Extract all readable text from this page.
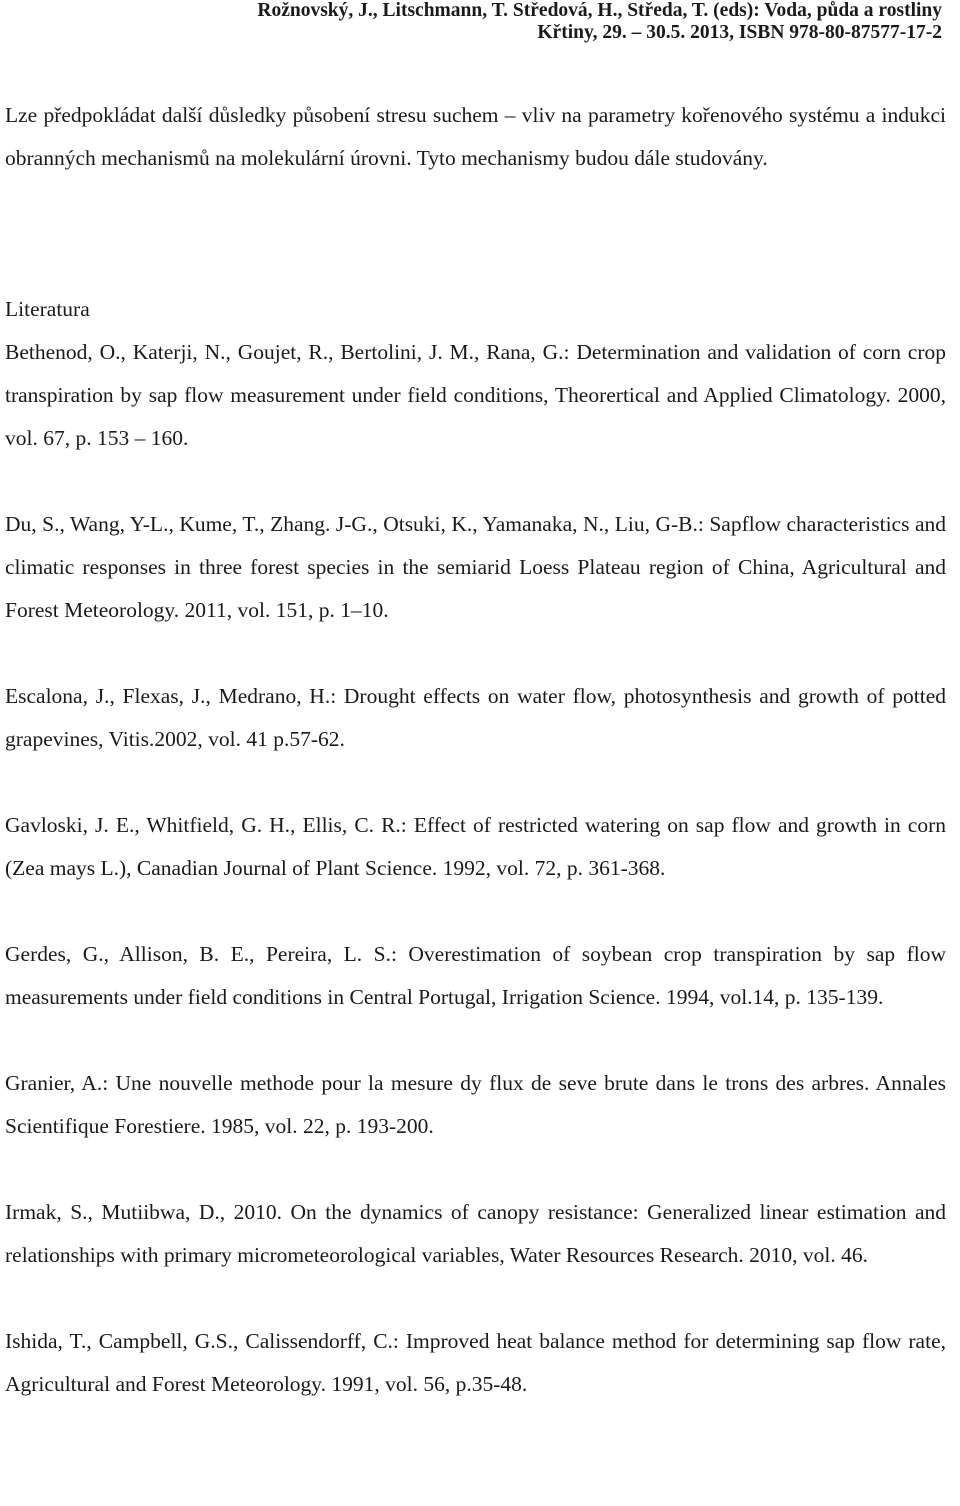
Rožnovský, J., Litschmann, T. Středová, H., Středa, T. (eds): Voda, půda a rostliny
Křtiny, 29. – 30.5. 2013, ISBN 978-80-87577-17-2

Lze předpokládat další důsledky působení stresu suchem – vliv na parametry kořenového systému a indukci obranných mechanismů na molekulární úrovni. Tyto mechanismy budou dále studovány.

Literatura

Bethenod, O., Katerji, N., Goujet, R., Bertolini, J. M., Rana, G.: Determination and validation of corn crop transpiration by sap flow measurement under field conditions, Theorertical and Applied Climatology. 2000, vol. 67, p. 153 – 160.

Du, S., Wang, Y-L., Kume, T., Zhang. J-G., Otsuki, K., Yamanaka, N., Liu, G-B.: Sapflow characteristics and climatic responses in three forest species in the semiarid Loess Plateau region of China, Agricultural and Forest Meteorology. 2011, vol. 151, p. 1–10.

Escalona, J., Flexas, J., Medrano, H.: Drought effects on water flow, photosynthesis and growth of potted grapevines, Vitis.2002, vol. 41 p.57-62.

Gavloski, J. E., Whitfield, G. H., Ellis, C. R.: Effect of restricted watering on sap flow and growth in corn (Zea mays L.), Canadian Journal of Plant Science. 1992, vol. 72, p. 361-368.

Gerdes, G., Allison, B. E., Pereira, L. S.: Overestimation of soybean crop transpiration by sap flow measurements under field conditions in Central Portugal, Irrigation Science. 1994, vol.14, p. 135-139.

Granier, A.: Une nouvelle methode pour la mesure dy flux de seve brute dans le trons des arbres. Annales Scientifique Forestiere. 1985, vol. 22, p. 193-200.

Irmak, S., Mutiibwa, D., 2010. On the dynamics of canopy resistance: Generalized linear estimation and relationships with primary micrometeorological variables, Water Resources Research. 2010, vol. 46.

Ishida, T., Campbell, G.S., Calissendorff, C.: Improved heat balance method for determining sap flow rate, Agricultural and Forest Meteorology. 1991, vol. 56, p.35-48.
